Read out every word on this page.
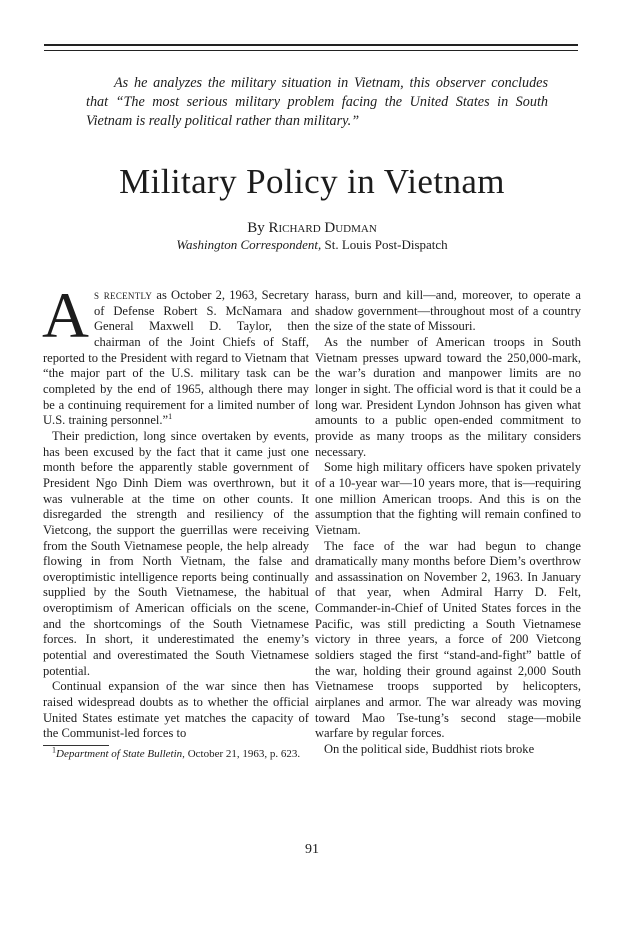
As he analyzes the military situation in Vietnam, this observer concludes that “The most serious military problem facing the United States in South Vietnam is really political rather than military.”
Military Policy in Vietnam
By Richard Dudman
Washington Correspondent, St. Louis Post-Dispatch

As recently as October 2, 1963, Secretary of Defense Robert S. McNamara and General Maxwell D. Taylor, then chairman of the Joint Chiefs of Staff, reported to the President with regard to Vietnam that “the major part of the U.S. military task can be completed by the end of 1965, although there may be a continuing requirement for a limited number of U.S. training personnel.”$^1$

Their prediction, long since overtaken by events, has been excused by the fact that it came just one month before the apparently stable government of President Ngo Dinh Diem was overthrown, but it was vulnerable at the time on other counts. It disregarded the strength and resiliency of the Vietcong, the support the guerrillas were receiving from the South Vietnamese people, the help already flowing in from North Vietnam, the false and overoptimistic intelligence reports being continually supplied by the South Vietnamese, the habitual overoptimism of American officials on the scene, and the shortcomings of the South Vietnamese forces. In short, it underestimated the enemy’s potential and overestimated the South Vietnamese potential.

Continual expansion of the war since then has raised widespread doubts as to whether the official United States estimate yet matches the capacity of the Communist-led forces to

$^1$Department of State Bulletin, October 21, 1963, p. 623.

harass, burn and kill—and, moreover, to operate a shadow government—throughout most of a country the size of the state of Missouri.

As the number of American troops in South Vietnam presses upward toward the 250,000-mark, the war’s duration and manpower limits are no longer in sight. The official word is that it could be a long war. President Lyndon Johnson has given what amounts to a public open-ended commitment to provide as many troops as the military considers necessary.

Some high military officers have spoken privately of a 10-year war—10 years more, that is—requiring one million American troops. And this is on the assumption that the fighting will remain confined to Vietnam.

The face of the war had begun to change dramatically many months before Diem’s overthrow and assassination on November 2, 1963. In January of that year, when Admiral Harry D. Felt, Commander-in-Chief of United States forces in the Pacific, was still predicting a South Vietnamese victory in three years, a force of 200 Vietcong soldiers staged the first “stand-and-fight” battle of the war, holding their ground against 2,000 South Vietnamese troops supported by helicopters, airplanes and armor. The war already was moving toward Mao Tse-tung’s second stage—mobile warfare by regular forces.

On the political side, Buddhist riots broke

91
